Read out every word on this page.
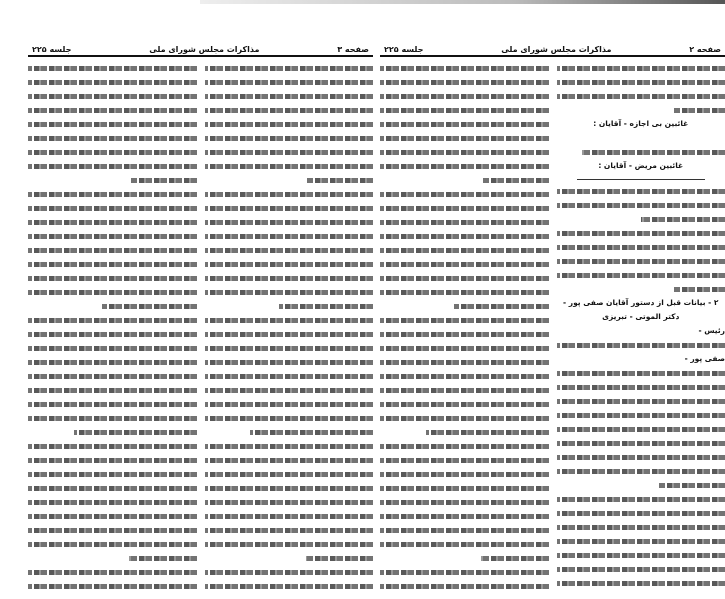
صفحه ۲
مذاکرات مجلس شورای ملی
جلسه ۲۲۵
غائبین بی اجازه - آقایان :
غائبین مریض - آقایان :
۲ - بیانات قبل از دستور آقایان صفی پور -
دکتر الموتی - تبریزی
رئیس -
صفی پور -
صفحه ۳
مذاکرات مجلس شورای ملی
جلسه ۲۲۵
